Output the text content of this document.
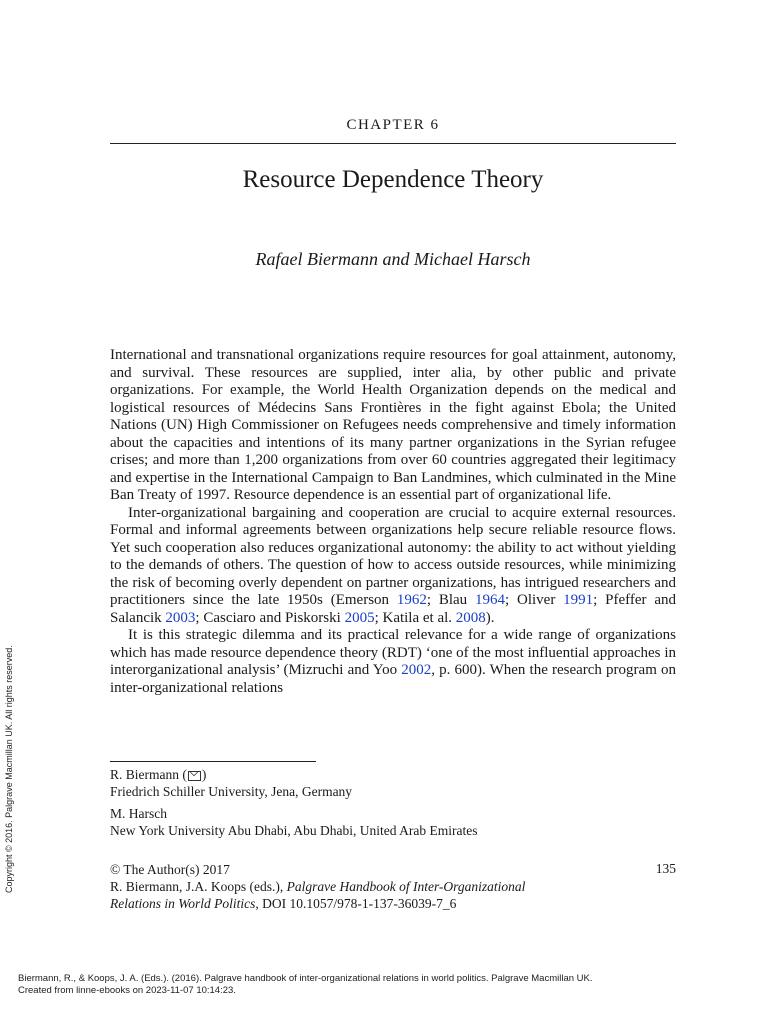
CHAPTER 6
Resource Dependence Theory
Rafael Biermann and Michael Harsch

International and transnational organizations require resources for goal attainment, autonomy, and survival. These resources are supplied, inter alia, by other public and private organizations. For example, the World Health Organization depends on the medical and logistical resources of Médecins Sans Frontières in the fight against Ebola; the United Nations (UN) High Commissioner on Refugees needs comprehensive and timely information about the capacities and intentions of its many partner organizations in the Syrian refugee crises; and more than 1,200 organizations from over 60 countries aggregated their legitimacy and expertise in the International Campaign to Ban Landmines, which culminated in the Mine Ban Treaty of 1997. Resource dependence is an essential part of organizational life.

Inter-organizational bargaining and cooperation are crucial to acquire external resources. Formal and informal agreements between organizations help secure reliable resource flows. Yet such cooperation also reduces organizational autonomy: the ability to act without yielding to the demands of others. The question of how to access outside resources, while minimizing the risk of becoming overly dependent on partner organizations, has intrigued researchers and practitioners since the late 1950s (Emerson 1962; Blau 1964; Oliver 1991; Pfeffer and Salancik 2003; Casciaro and Piskorski 2005; Katila et al. 2008).

It is this strategic dilemma and its practical relevance for a wide range of organizations which has made resource dependence theory (RDT) ‘one of the most influential approaches in interorganizational analysis’ (Mizruchi and Yoo 2002, p. 600). When the research program on inter-organizational relations

R. Biermann ( )
Friedrich Schiller University, Jena, Germany
M. Harsch
New York University Abu Dhabi, Abu Dhabi, United Arab Emirates
© The Author(s) 2017
R. Biermann, J.A. Koops (eds.), Palgrave Handbook of Inter-Organizational
Relations in World Politics, DOI 10.1057/978-1-137-36039-7_6
135
Copyright © 2016. Palgrave Macmillan UK. All rights reserved.
Biermann, R., & Koops, J. A. (Eds.). (2016). Palgrave handbook of inter-organizational relations in world politics. Palgrave Macmillan UK.
Created from linne-ebooks on 2023-11-07 10:14:23.
